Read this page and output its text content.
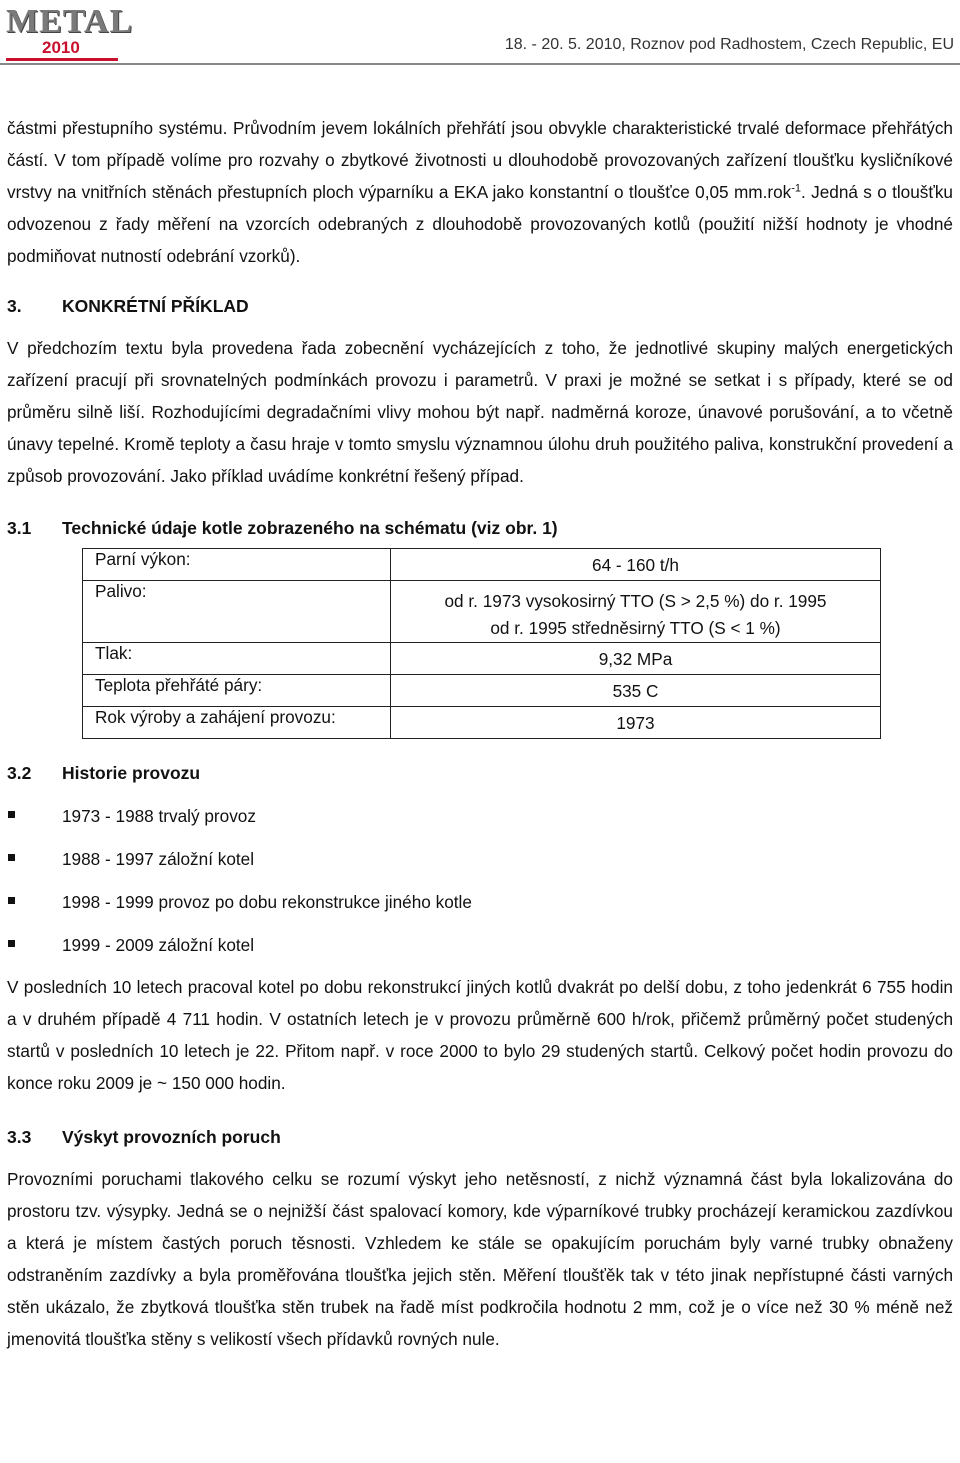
METAL
2010	18. - 20. 5. 2010, Roznov pod Radhostem, Czech Republic, EU

částmi přestupního systému. Průvodním jevem lokálních přehřátí jsou obvykle charakteristické trvalé deformace přehřátých částí. V tom případě volíme pro rozvahy o zbytkové životnosti u dlouhodobě provozovaných zařízení tloušťku kysličníkové vrstvy na vnitřních stěnách přestupních ploch výparníku a EKA jako konstantní o tloušťce 0,05 mm.rok$^{-1}$. Jedná s o tloušťku odvozenou z řady měření na vzorcích odebraných z dlouhodobě provozovaných kotlů (použití nižší hodnoty je vhodné podmiňovat nutností odebrání vzorků).

3. KONKRÉTNÍ PŘÍKLAD

V předchozím textu byla provedena řada zobecnění vycházejících z toho, že jednotlivé skupiny malých energetických zařízení pracují při srovnatelných podmínkách provozu i parametrů. V praxi je možné se setkat i s případy, které se od průměru silně liší. Rozhodujícími degradačními vlivy mohou být např. nadměrná koroze, únavové porušování, a to včetně únavy tepelné. Kromě teploty a času hraje v tomto smyslu významnou úlohu druh použitého paliva, konstrukční provedení a způsob provozování. Jako příklad uvádíme konkrétní řešený případ.

3.1 Technické údaje kotle zobrazeného na schématu (viz obr. 1)
Parní výkon:	64 - 160 t/h
Palivo:	od r. 1973 vysokosirný TTO (S > 2,5 %) do r. 1995
od r. 1995 středněsirný TTO (S < 1 %)

Tlak:	9,32 MPa
Teplota přehřáté páry:	535 C
Rok výroby a zahájení provozu:	1973
3.2 Historie provozu
1973 - 1988 trvalý provoz
1988 - 1997 záložní kotel
1998 - 1999 provoz po dobu rekonstrukce jiného kotle
1999 - 2009 záložní kotel

V posledních 10 letech pracoval kotel po dobu rekonstrukcí jiných kotlů dvakrát po delší dobu, z toho jedenkrát 6 755 hodin a v druhém případě 4 711 hodin. V ostatních letech je v provozu průměrně 600 h/rok, přičemž průměrný počet studených startů v posledních 10 letech je 22. Přitom např. v roce 2000 to bylo 29 studených startů. Celkový počet hodin provozu do konce roku 2009 je ~ 150 000 hodin.

3.3 Výskyt provozních poruch

Provozními poruchami tlakového celku se rozumí výskyt jeho netěsností, z nichž významná část byla lokalizována do prostoru tzv. výsypky. Jedná se o nejnižší část spalovací komory, kde výparníkové trubky procházejí keramickou zazdívkou a která je místem častých poruch těsnosti. Vzhledem ke stále se opakujícím poruchám byly varné trubky obnaženy odstraněním zazdívky a byla proměřována tloušťka jejich stěn. Měření tloušťěk tak v této jinak nepřístupné části varných stěn ukázalo, že zbytková tloušťka stěn trubek na řadě míst podkročila hodnotu 2 mm, což je o více než 30 % méně než jmenovitá tloušťka stěny s velikostí všech přídavků rovných nule.
